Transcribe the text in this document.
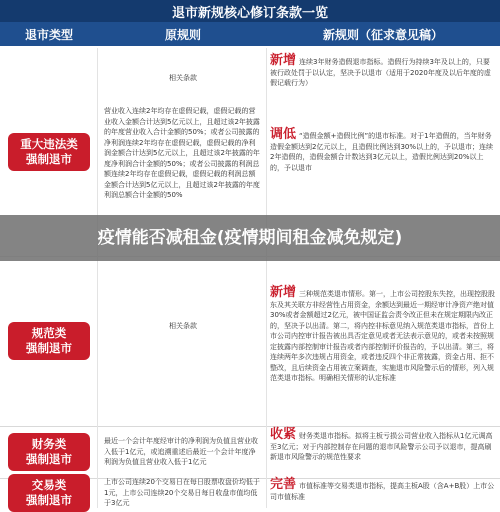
退市新规核心修订条款一览
退市类型	原规则	新规则（征求意见稿）
重大违法类
强制退市
相关条款
营业收入连续2年均存在虚假记载，虚假记载的营业收入金额合计达到5亿元以上，且超过该2年披露的年度营业收入合计金额的50%；或者公司披露的净利润连续2年均存在虚假记载，虚假记载的净利润金额合计达到5亿元以上，且超过该2年披露的年度净利润合计金额的50%；或者公司披露的利润总额连续2年均存在虚假记载，虚假记载的利润总额金额合计达到5亿元以上，且超过该2年披露的年度利润总额合计金额的50%
新增 连续3年财务造假退市指标。造假行为持续3年及以上的，只要被行政处罚于以认定，坚决予以退市（适用于2020年度及以后年度的虚假记载行为）
调低 “造假金额+造假比例”的退市标准。对于1年造假的，当年财务造假金额达到2亿元以上，且造假比例达到30%以上的，予以退市；连续2年造假的，造假金额合计数达到3亿元以上，造假比例达到20%以上的，予以退市
规范类
强制退市
相关条款
新增 三种规范类退市情形。第一，上市公司控股东失控，出现控股股东及其关联方非经营性占用资金，余额达到最近一期经审计净资产绝对值30%或者金额超过2亿元，被中国证监会责令改正但未在规定期限内改正的，坚决予以出清。第二，将内控非标意见纳入规范类退市指标，首份上市公司内控审计报告被出具否定意见或者无法表示意见的，或者未按照规定披露内部控制审计报告或者内部控制评价报告的，予以出清。第三，将连续两年多次违规占用资金，或者违反四个非正常披露，资金占用、拒不整改，且后续资金占用被立案调查，实施退市风险警示后的情形，列入规范类退市指标。明确相关情形的认定标准
财务类
强制退市
最近一个会计年度经审计的净利润为负值且营业收入低于1亿元，或追溯重述后最近一个会计年度净利润为负值且营业收入低于1亿元
收紧 财务类退市指标。拟将主板亏损公司营业收入指标从1亿元调高至3亿元；对于内部控制存在问题的退市风险警示公司予以退市，提高刷新退市风险警示的规范性要求
交易类
强制退市
上市公司连续20个交易日在每日股票收盘价均低于1元，上市公司连续20个交易日每日收盘市值均低于3亿元
完善 市值标准等交易类退市指标，提高主板A股（含A+B股）上市公司市值标准
疫情能否减租金(疫情期间租金减免规定)
